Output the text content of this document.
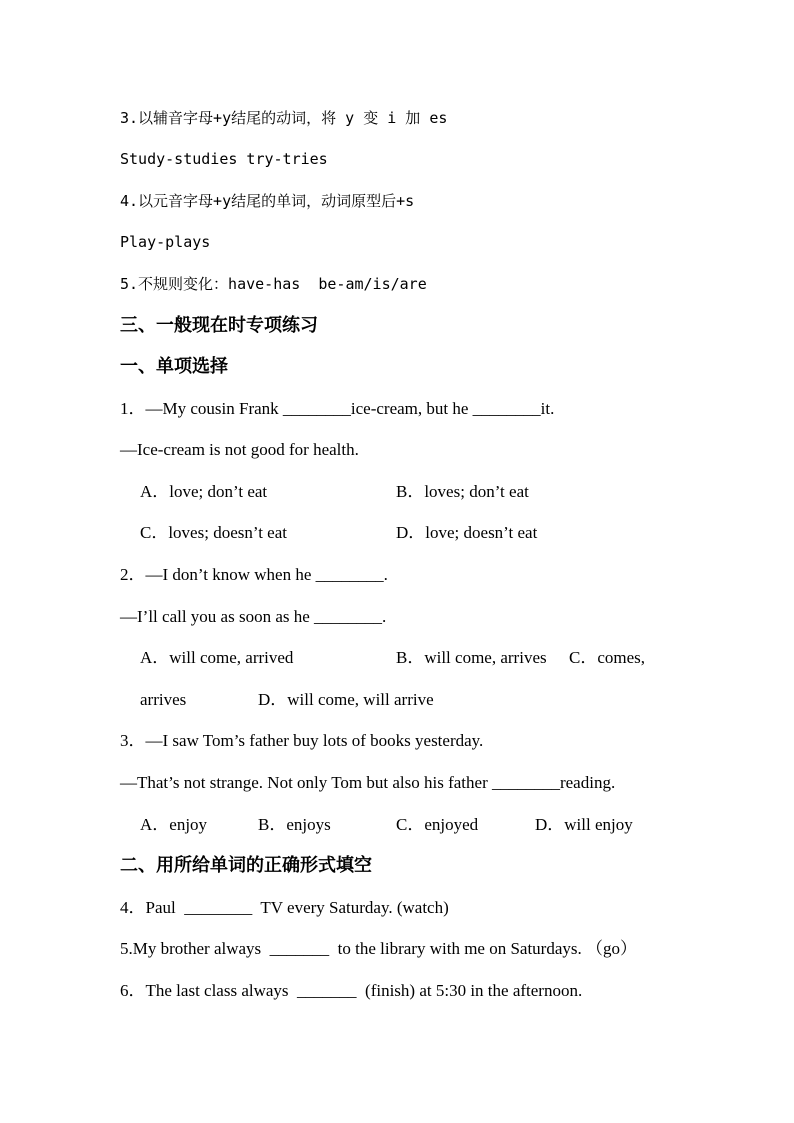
3.以辅音字母+y结尾的动词，将 y 变 i 加 es
Study-studies try-tries
4.以元音字母+y结尾的单词，动词原型后+s
Play-plays
5.不规则变化：have-has  be-am/is/are
三、一般现在时专项练习
一、单项选择
1．—My cousin Frank ________ice-cream, but he ________it.
—Ice-cream is not good for health.
A．love; don’t eat	B．loves; don’t eat
C．loves; doesn’t eat	D．love; doesn’t eat
2．—I don’t know when he ________.
—I’ll call you as soon as he ________.
A．will come, arrived	B．will come, arrives C．comes,
arrives	D．will come, will arrive
3．—I saw Tom’s father buy lots of books yesterday.
—That’s not strange. Not only Tom but also his father ________reading.
A．enjoy	B．enjoys	C．enjoyed	D．will enjoy
二、用所给单词的正确形式填空
4．Paul  ________  TV every Saturday. (watch)
5.My brother always  _______  to the library with me on Saturdays. （go）
6．The last class always  _______  (finish) at 5:30 in the afternoon.
